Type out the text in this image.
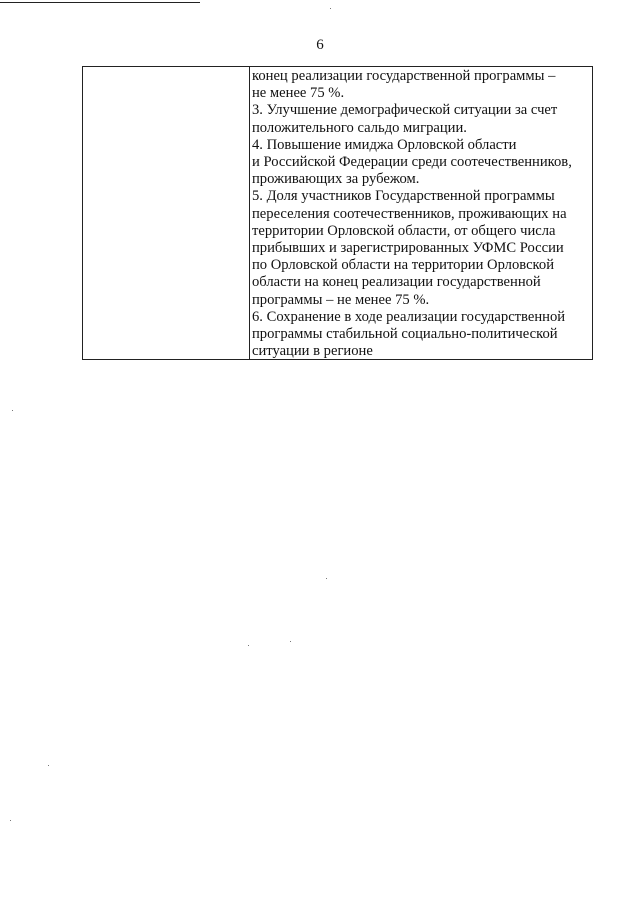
6
конец реализации государственной программы –
не менее 75 %.
3. Улучшение демографической ситуации за счет
положительного сальдо миграции.
4. Повышение имиджа Орловской области
и Российской Федерации среди соотечественников,
проживающих за рубежом.
5. Доля участников Государственной программы
переселения соотечественников, проживающих на
территории Орловской области, от общего числа
прибывших и зарегистрированных УФМС России
по Орловской области на территории Орловской
области на конец реализации государственной
программы – не менее 75 %.
6. Сохранение в ходе реализации государственной
программы стабильной социально-политической
ситуации в регионе
